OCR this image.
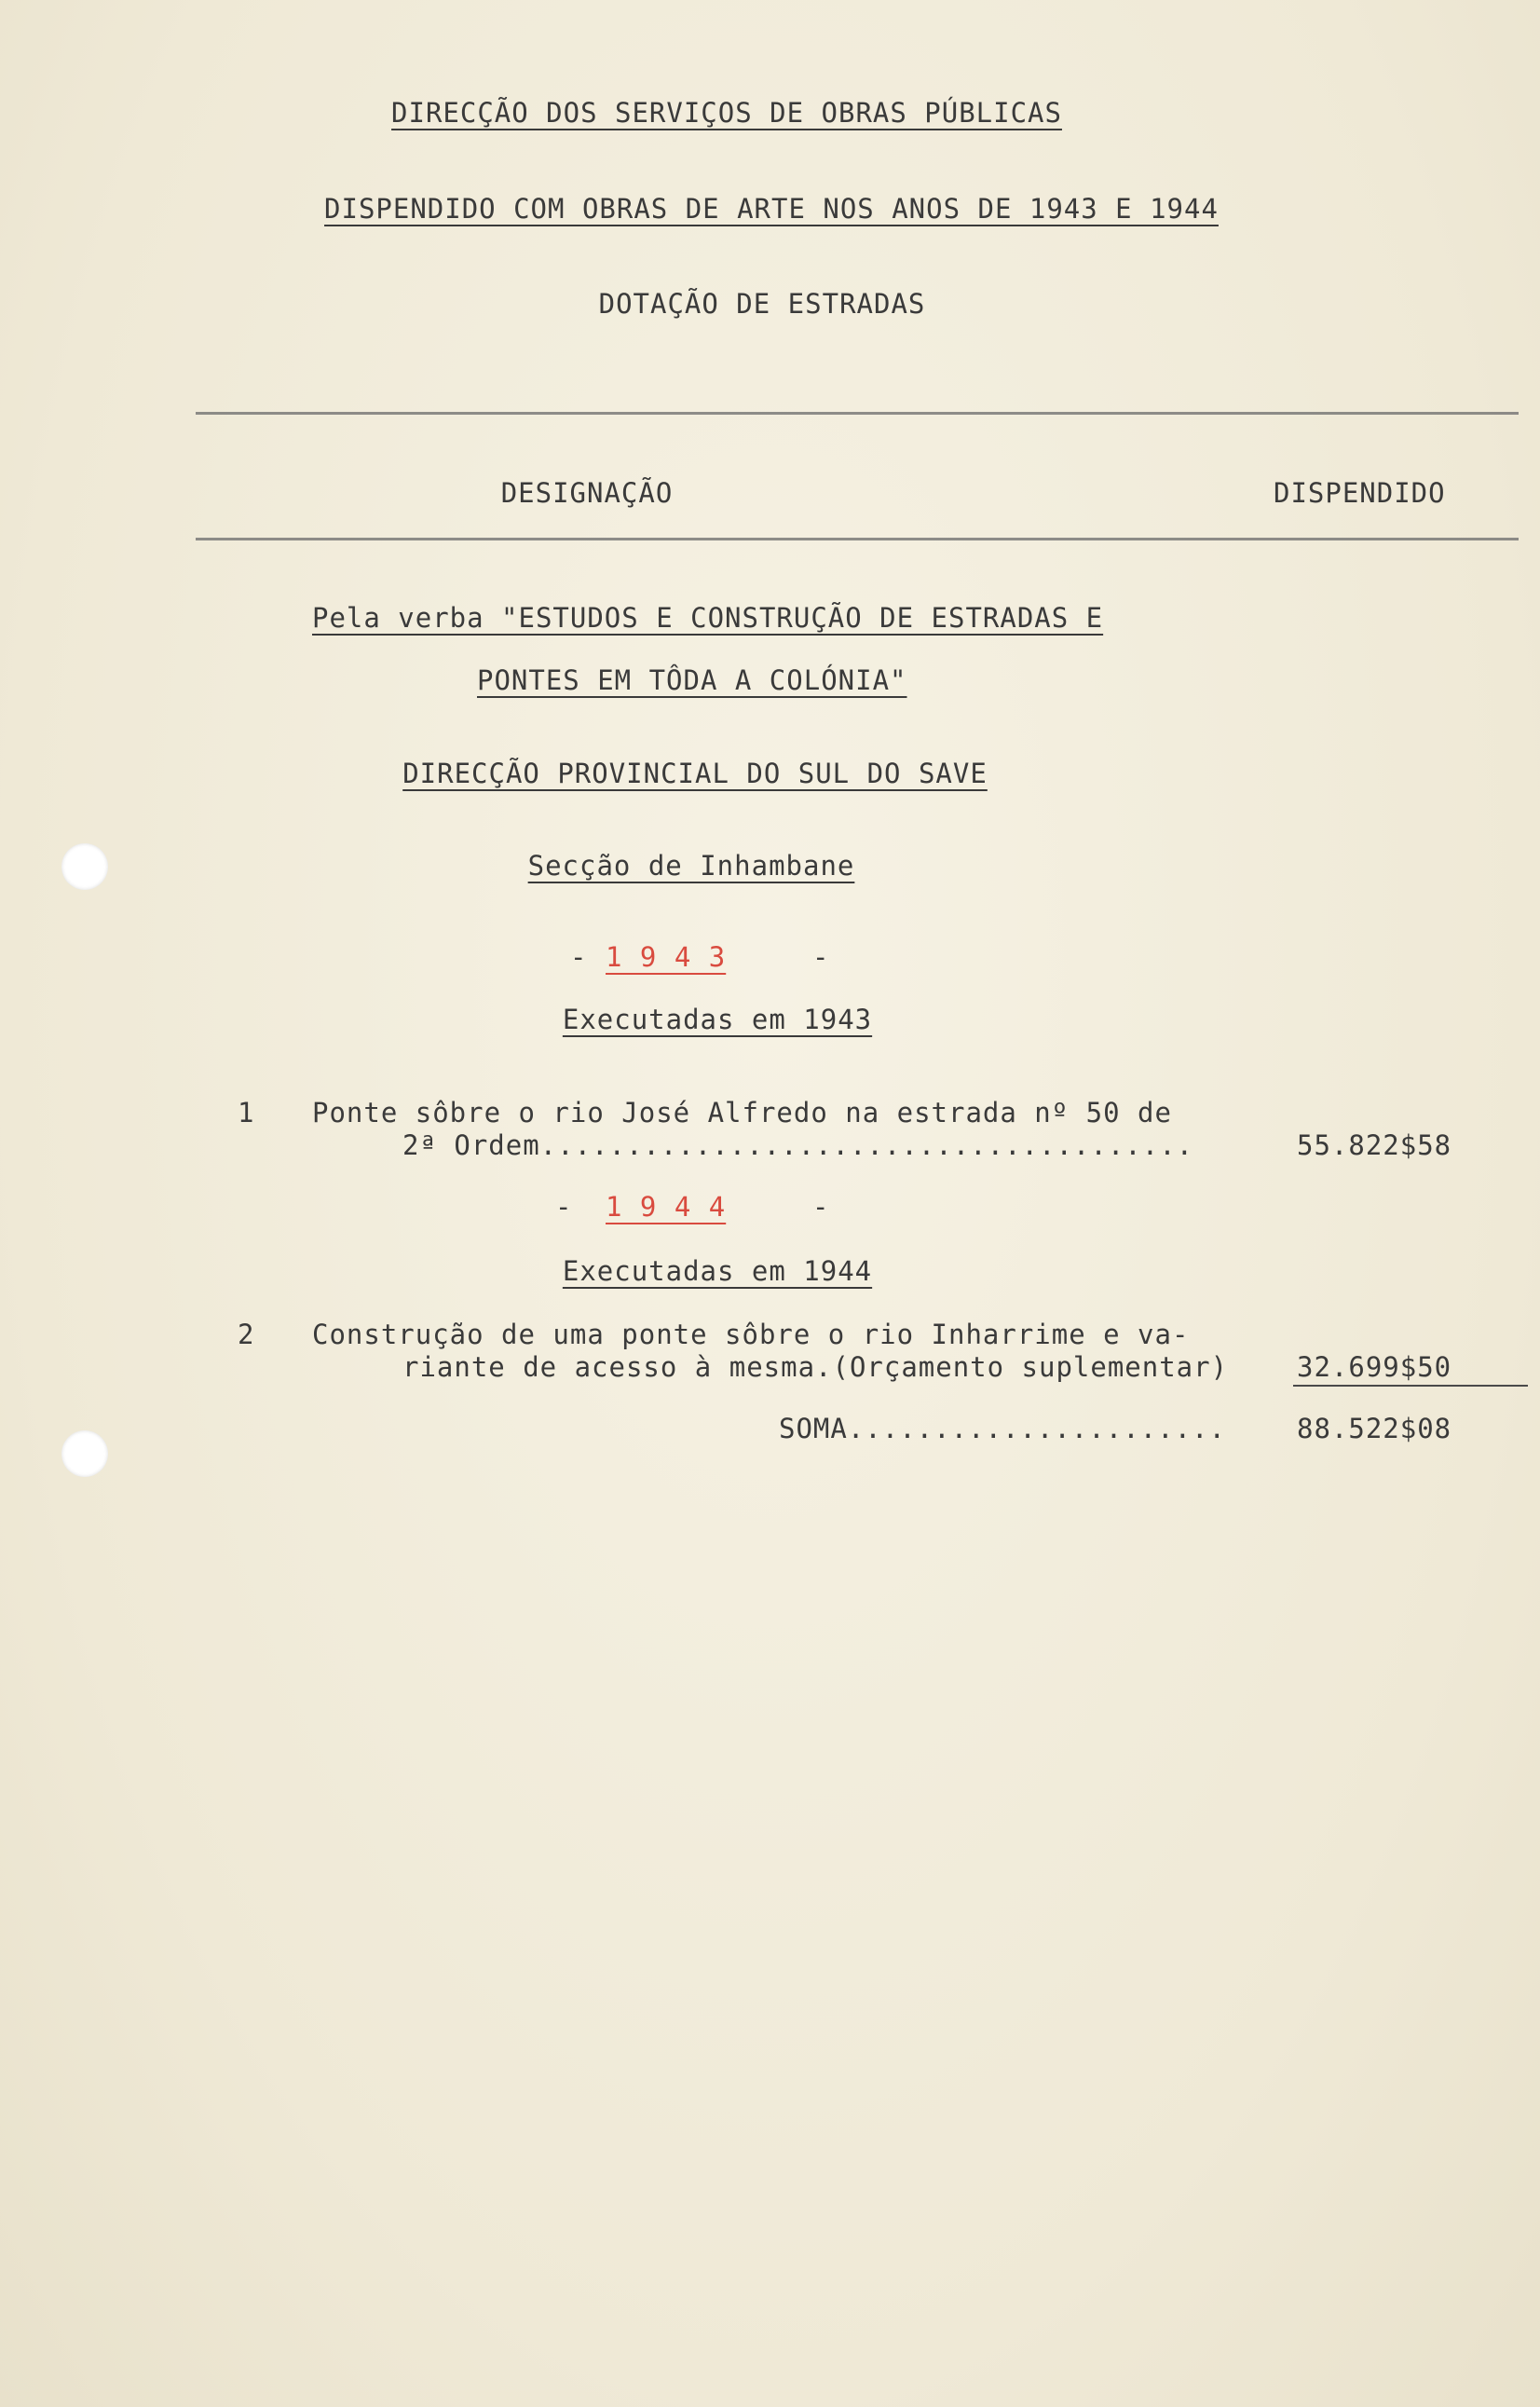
DIRECÇÃO DOS SERVIÇOS DE OBRAS PÚBLICAS
DISPENDIDO COM OBRAS DE ARTE NOS ANOS DE 1943 E 1944
DOTAÇÃO DE ESTRADAS
DESIGNAÇÃO	DISPENDIDO
Pela verba "ESTUDOS E CONSTRUÇÃO DE ESTRADAS E
PONTES EM TÔDA A COLÓNIA"
DIRECÇÃO PROVINCIAL DO SUL DO SAVE
Secção de Inhambane
- 1 9 4 3	-
Executadas em 1943
1 Ponte sôbre o rio José Alfredo na estrada nº 50 de
2ª Ordem......................................	55.822$58
- 1 9 4 4	-
Executadas em 1944
2 Construção de uma ponte sôbre o rio Inharrime e va-
riante de acesso à mesma.(Orçamento suplementar)	32.699$50
SOMA......................	88.522$08
